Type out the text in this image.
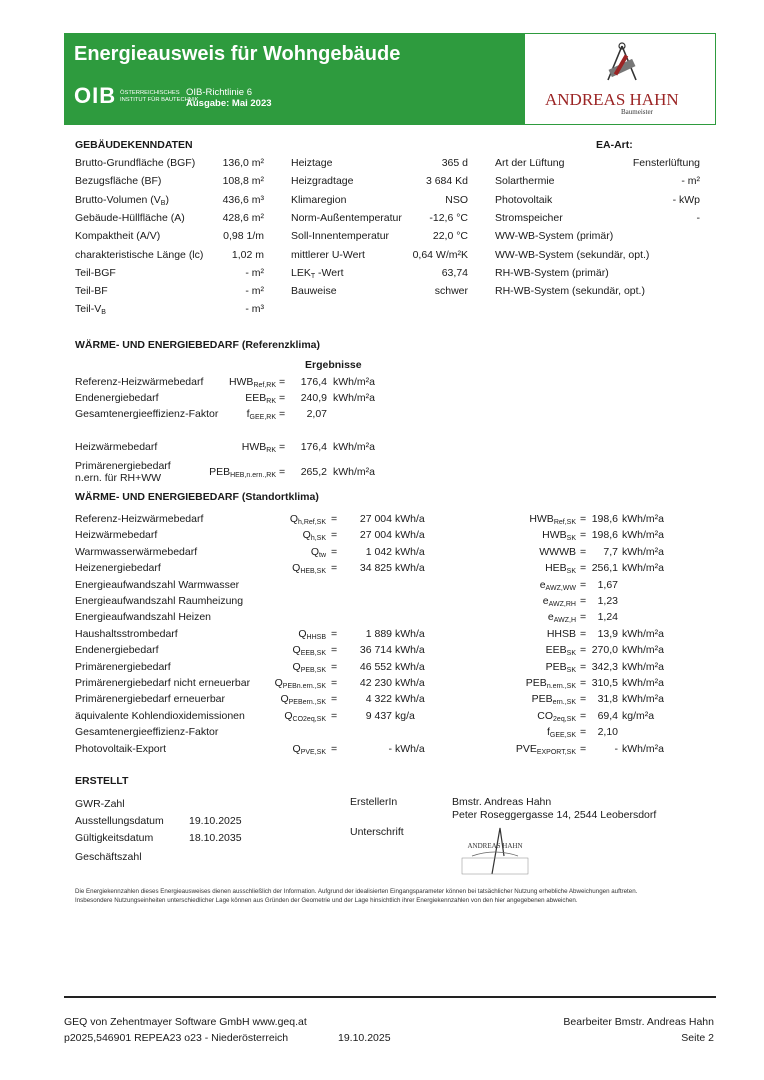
Energieausweis für Wohngebäude
OIB ÖSTERREICHISCHES
INSTITUT FÜR BAUTECHNIK
OIB-Richtlinie 6
Ausgabe: Mai 2023	ANDREAS HAHN
Baumeister
GEBÄUDEKENNDATEN	EA-Art:
Brutto-Grundfläche (BGF)	136,0 m²
Bezugsfläche (BF)	108,8 m²
Brutto-Volumen $(V_B)$	436,6 m³
Gebäude-Hüllfläche (A)	428,6 m²
Kompaktheit (A/V)	0,98 1/m
charakteristische Länge (lc)	1,02 m
Teil-BGF	- m²
Teil-BF	- m²
Teil-$V_B$	- m³
Heiztage	365 d
Heizgradtage	3 684 Kd
Klimaregion	NSO
Norm-Außentemperatur	-12,6 °C
Soll-Innentemperatur	22,0 °C
mittlerer U-Wert	0,64 W/m²K
$LEK_T$ -Wert	63,74
Bauweise	schwer
Art der Lüftung	Fensterlüftung
Solarthermie	- m²
Photovoltaik	- kWp
Stromspeicher	-
WW-WB-System (primär)
WW-WB-System (sekundär, opt.)
RH-WB-System (primär)
RH-WB-System (sekundär, opt.)
WÄRME- UND ENERGIEBEDARF (Referenzklima)
Ergebnisse
Referenz-Heizwärmebedarf $HWB_{Ref,RK} = 176,4$ kWh/m²a
Endenergiebedarf	$EEB_{RK} = 240,9$ kWh/m²a
Gesamtenergieeffizienz-Faktor	$f_{GEE,RK} = 2,07$
Heizwärmebedarf	$HWB_{RK} = 176,4$ kWh/m²a
Primärenergiebedarf
n.ern. für RH+WW	$PEB_{HEB,n.ern.,RK} = 265,2$ kWh/m²a
WÄRME- UND ENERGIEBEDARF (Standortklima)
Referenz-Heizwärmebedarf	$Q_{h,Ref,SK} = 27$ 004 kWh/a	$HWB_{Ref,SK} = 198,6$ kWh/m²a
Heizwärmebedarf	$Q_{h,SK} = 27$ 004 kWh/a	$HWB_{SK} = 198,6$ kWh/m²a
Warmwasserwärmebedarf	$Q_{tw}$ =	1 042 kWh/a	WWWB = 7,7 kWh/m²a
Heizenergiebedarf	$Q_{HEB,SK} = 34$ 825 kWh/a	$HEB_{SK} = 256,1$ kWh/m²a
Energieaufwandszahl Warmwasser	$e_{AWZ,WW} = 1,67$
Energieaufwandszahl Raumheizung	$e_{AWZ,RH} = 1,23$
Energieaufwandszahl Heizen	$e_{AWZ,H} = 1,24$
Haushaltsstrombedarf	$Q_{HHSB}$ =	1 889 kWh/a	HHSB = 13,9 kWh/m²a
Endenergiebedarf	$Q_{EEB,SK} = 36$ 714 kWh/a	$EEB_{SK} = 270,0$ kWh/m²a
Primärenergiebedarf	$Q_{PEB,SK} = 46$ 552 kWh/a	$PEB_{SK} = 342,3$ kWh/m²a
Primärenergiebedarf nicht erneuerbar $Q_{PEBn.ern.,SK} = 42$ 230 kWh/a	$PEB_{n.ern.,SK} = 310,5$ kWh/m²a
Primärenergiebedarf erneuerbar	$Q_{PEBern.,SK}$ =	4 322 kWh/a	$PEB_{ern.,SK} = 31,8$ kWh/m²a
äquivalente Kohlendioxidemissionen	$Q_{CO2eq,SK}$ =	9 437 kg/a	$CO_{2eq,SK} = 69,4$ kg/m²a
Gesamtenergieeffizienz-Faktor	$f_{GEE,SK} = 2,10$
Photovoltaik-Export	$Q_{PVE,SK}$ =	- kWh/a	$PVE_{EXPORT,SK}$ =	- kWh/m²a
ERSTELLT
GWR-Zahl
Ausstellungsdatum 19.10.2025
Gültigkeitsdatum	18.10.2035
Geschäftszahl
ErstellerIn	Bmstr. Andreas Hahn
Peter Roseggergasse 14, 2544 Leobersdorf
Unterschrift
ANDREAS HAHN
Die Energiekennzahlen dieses Energieausweises dienen ausschließlich der Information. Aufgrund der idealisierten Eingangsparameter können bei tatsächlicher Nutzung erhebliche Abweichungen auftreten.
Insbesondere Nutzungseinheiten unterschiedlicher Lage können aus Gründen der Geometrie und der Lage hinsichtlich ihrer Energiekennzahlen von den hier angegebenen abweichen.
GEQ von Zehentmayer Software GmbH www.geq.at
p2025,546901 REPEA23 o23 - Niederösterreich	19.10.2025
Bearbeiter Bmstr. Andreas Hahn
Seite 2
